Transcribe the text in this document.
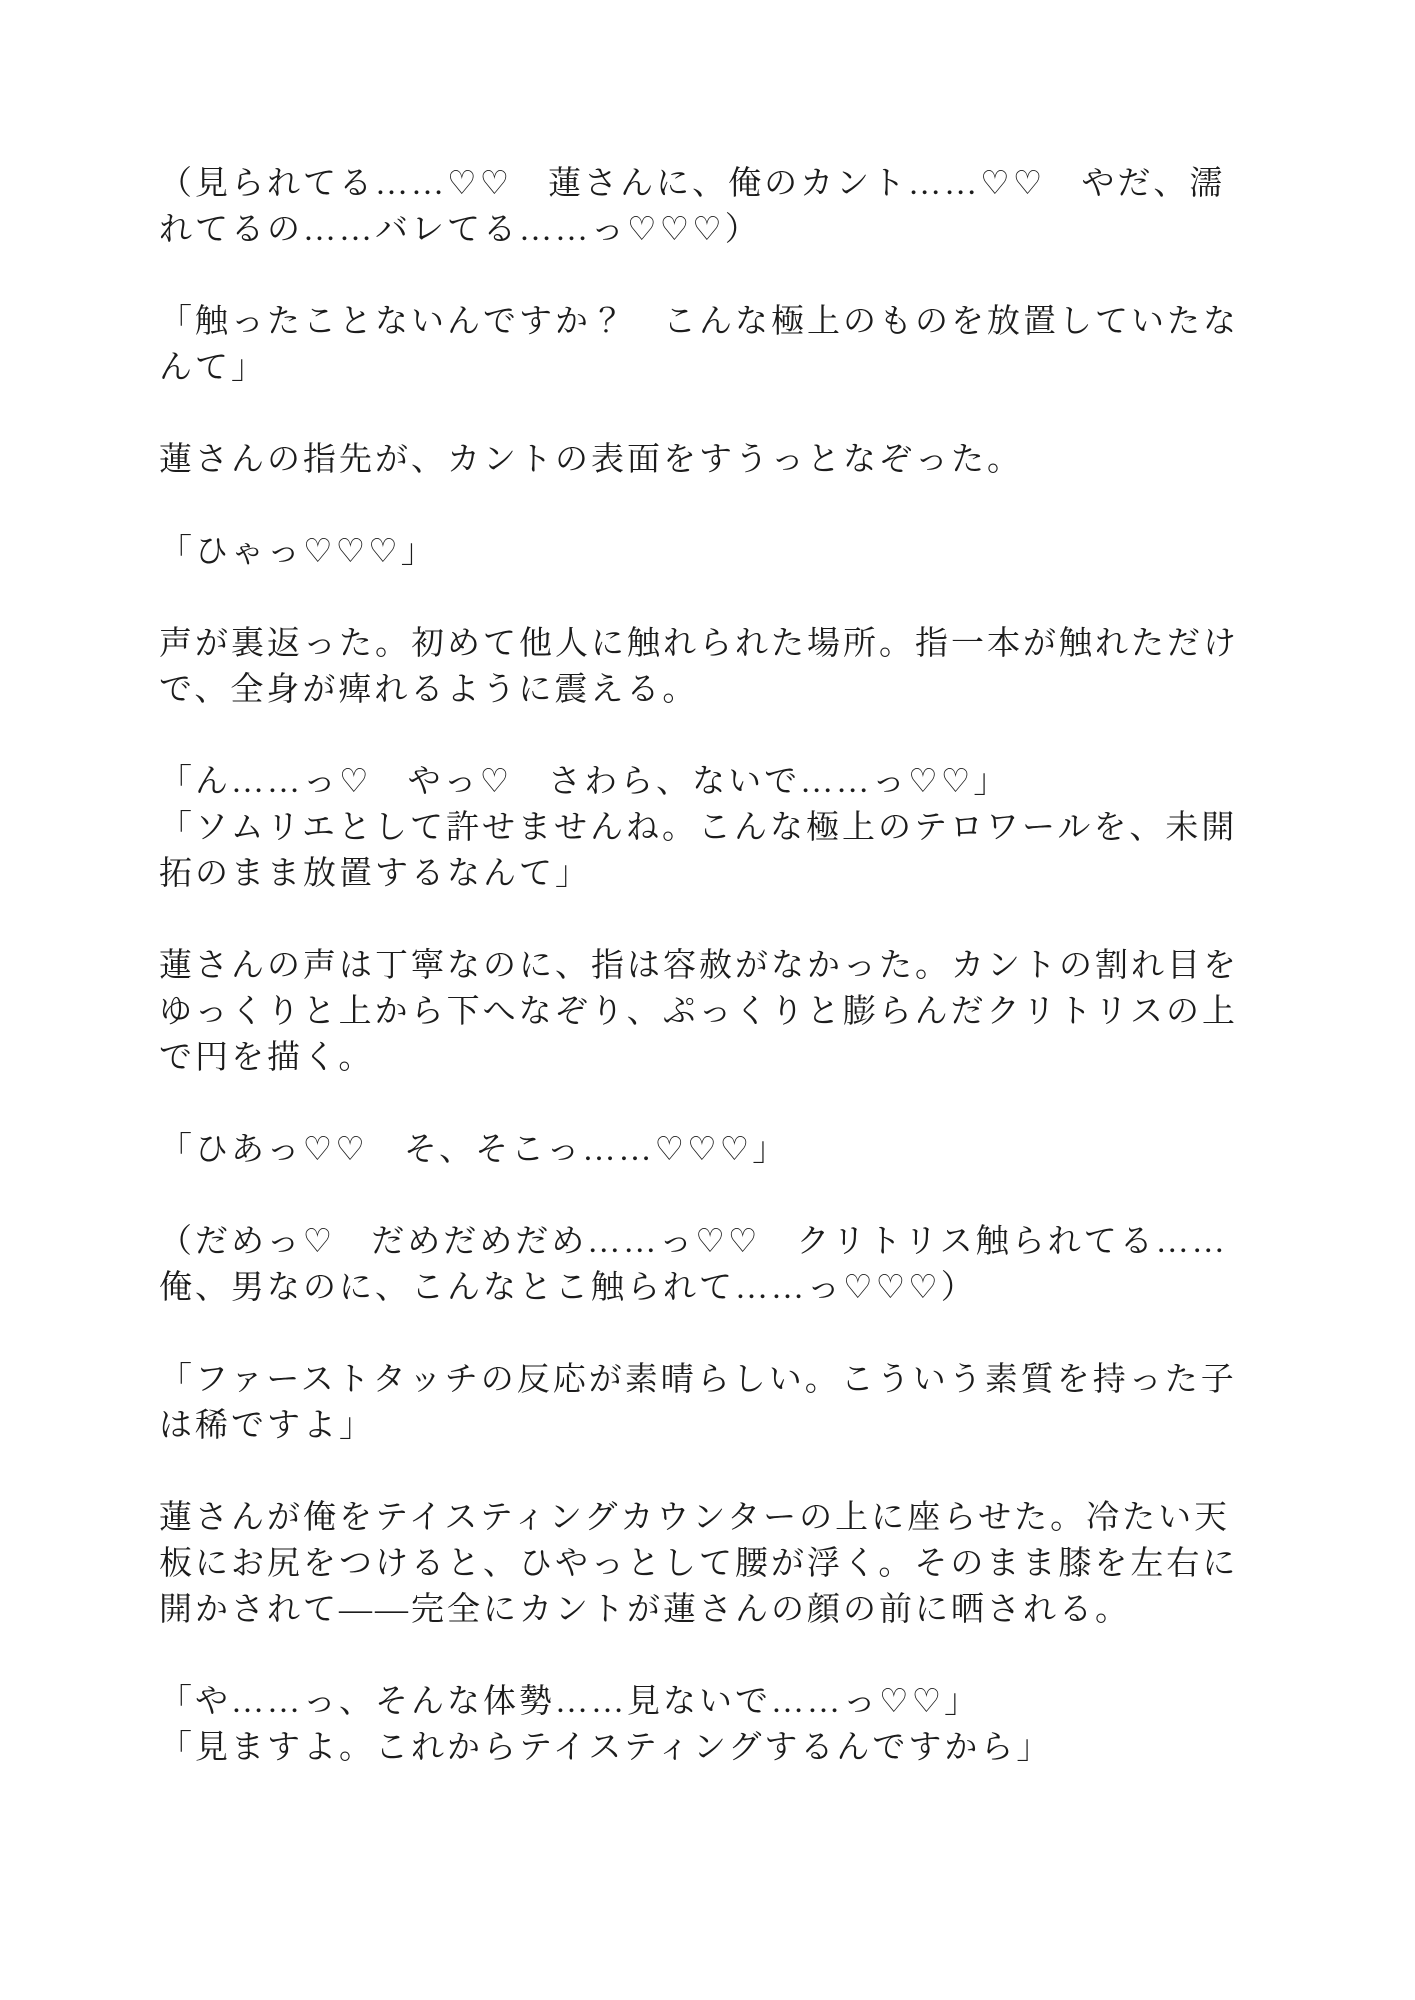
（見られてる……♡♡　蓮さんに、俺のカント……♡♡　やだ、濡
れてるの……バレてる……っ♡♡♡）
「触ったことないんですか？　こんな極上のものを放置していたな
んて」
蓮さんの指先が、カントの表面をすうっとなぞった。
「ひゃっ♡♡♡」
声が裏返った。初めて他人に触れられた場所。指一本が触れただけ
で、全身が痺れるように震える。
「ん……っ♡　やっ♡　さわら、ないで……っ♡♡」
「ソムリエとして許せませんね。こんな極上のテロワールを、未開
拓のまま放置するなんて」
蓮さんの声は丁寧なのに、指は容赦がなかった。カントの割れ目を
ゆっくりと上から下へなぞり、ぷっくりと膨らんだクリトリスの上
で円を描く。
「ひあっ♡♡　そ、そこっ……♡♡♡」
（だめっ♡　だめだめだめ……っ♡♡　クリトリス触られてる……
俺、男なのに、こんなとこ触られて……っ♡♡♡）
「ファーストタッチの反応が素晴らしい。こういう素質を持った子
は稀ですよ」
蓮さんが俺をテイスティングカウンターの上に座らせた。冷たい天
板にお尻をつけると、ひやっとして腰が浮く。そのまま膝を左右に
開かされて——完全にカントが蓮さんの顔の前に晒される。
「や……っ、そんな体勢……見ないで……っ♡♡」
「見ますよ。これからテイスティングするんですから」
